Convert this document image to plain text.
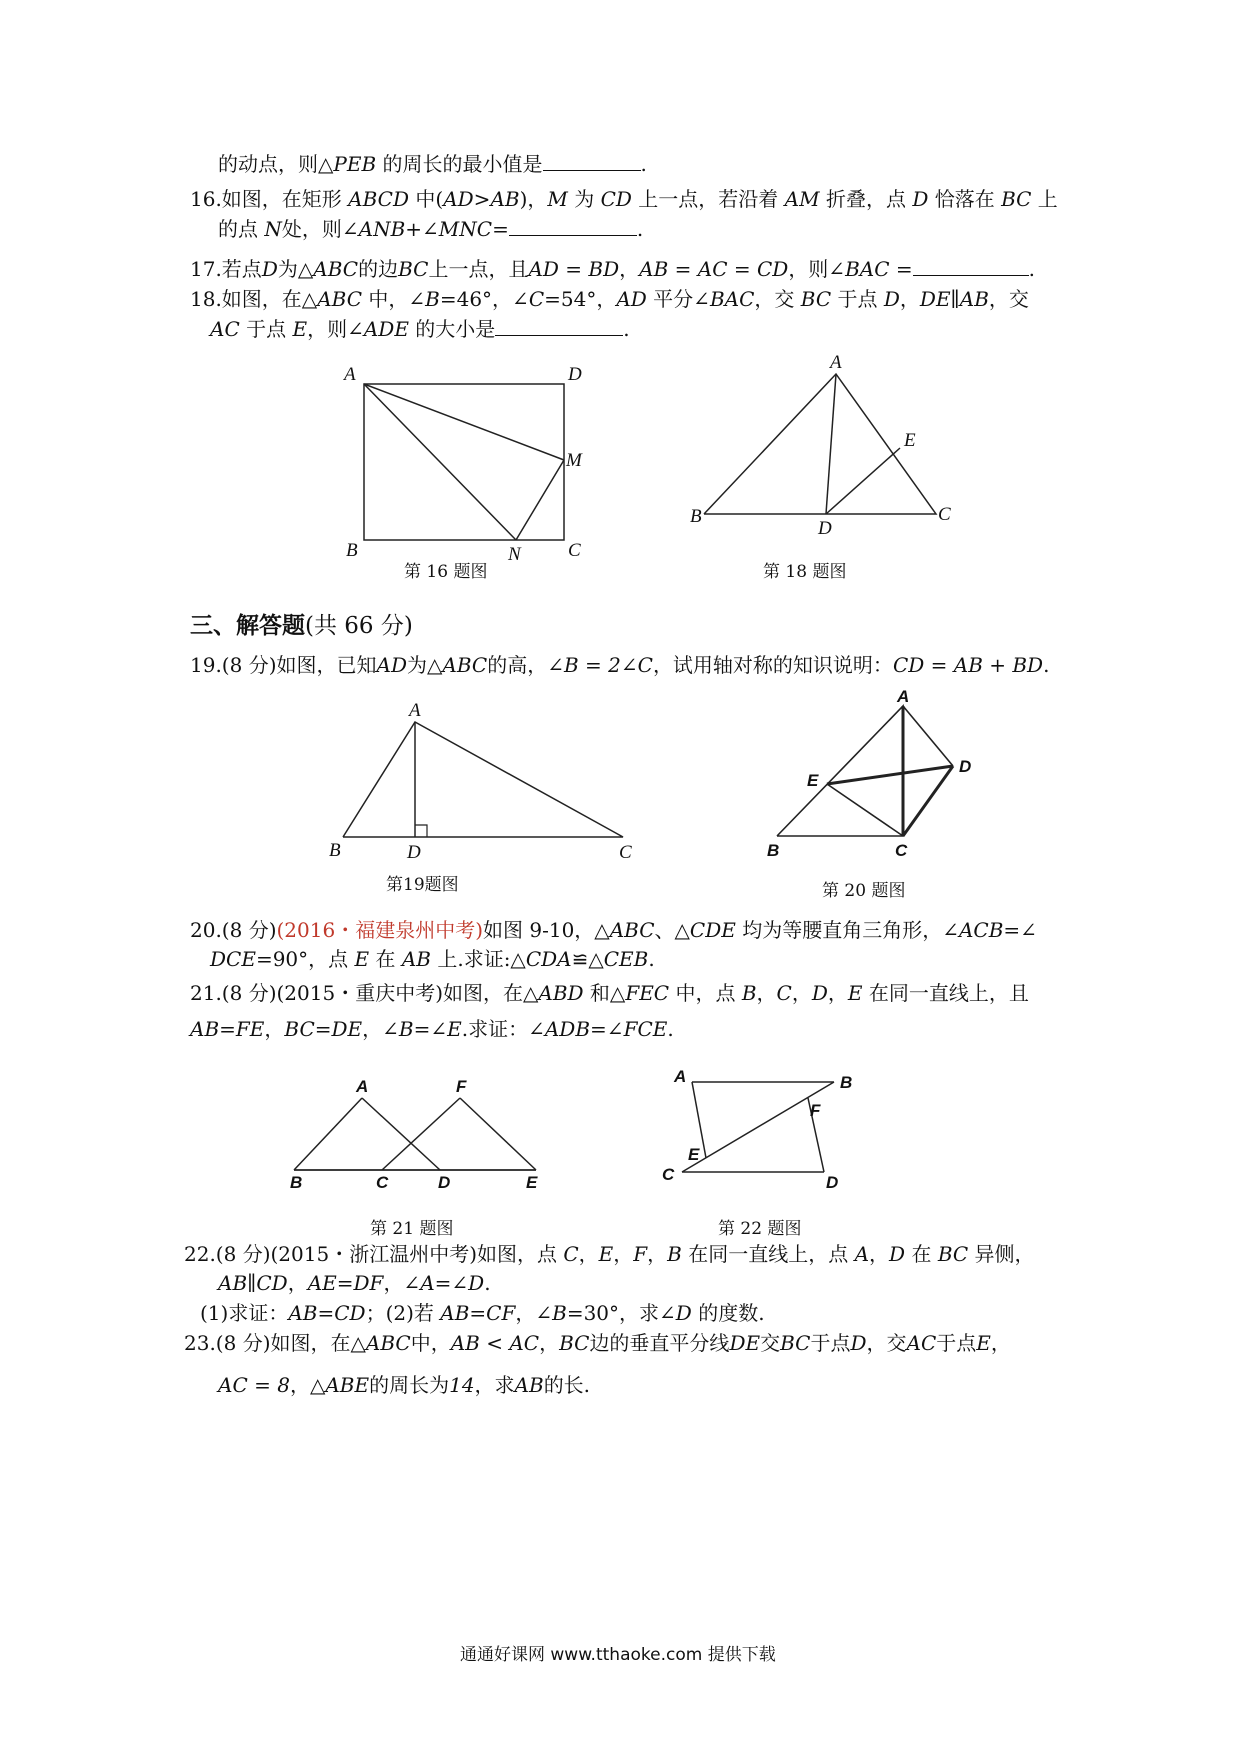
的动点，则△PEB 的周长的最小值是	.
16.如图，在矩形 ABCD 中(AD>AB)，M 为 CD 上一点，若沿着 AM 折叠，点 D 恰落在 BC 上
的点 N处，则∠ANB+∠MNC=	.
17.若点D为△ABC的边BC上一点，且AD = BD，AB = AC = CD，则∠BAC =	.
18.如图，在△ABC 中，∠B=46°，∠C=54°，AD 平分∠BAC，交 BC 于点 D，DE∥AB，交
AC 于点 E，则∠ADE 的大小是	.
A	D
M
B	N C
第 16 题图
A
E
B
D
C
第 18 题图
三、解答题(共 66 分)
19.(8 分)如图，已知AD为△ABC的高，∠B = 2∠C，试用轴对称的知识说明：CD = AB + BD.
A
B	D	C
第19题图
A
D
E
B	C
第 20 题图
20.(8 分)(2016・福建泉州中考)如图 9-10，△ABC、△CDE 均为等腰直角三角形，∠ACB=∠
DCE=90°，点 E 在 AB 上.求证:△CDA≌△CEB.
21.(8 分)(2015・重庆中考)如图，在△ABD 和△FEC 中，点 B，C，D，E 在同一直线上，且
AB=FE，BC=DE，∠B=∠E.求证：∠ADB=∠FCE.
A	F
B	C	D	E
第 21 题图
A	B
F
E
C	D
第 22 题图
22.(8 分)(2015・浙江温州中考)如图，点 C，E，F，B 在同一直线上，点 A，D 在 BC 异侧，
AB∥CD，AE=DF，∠A=∠D.
(1)求证：AB=CD；(2)若 AB=CF，∠B=30°，求∠D 的度数.
23.(8 分)如图，在△ABC中，AB < AC，BC边的垂直平分线DE交BC于点D，交AC于点E，
AC = 8，△ABE的周长为14，求AB的长.
通通好课网 www.tthaoke.com 提供下载
